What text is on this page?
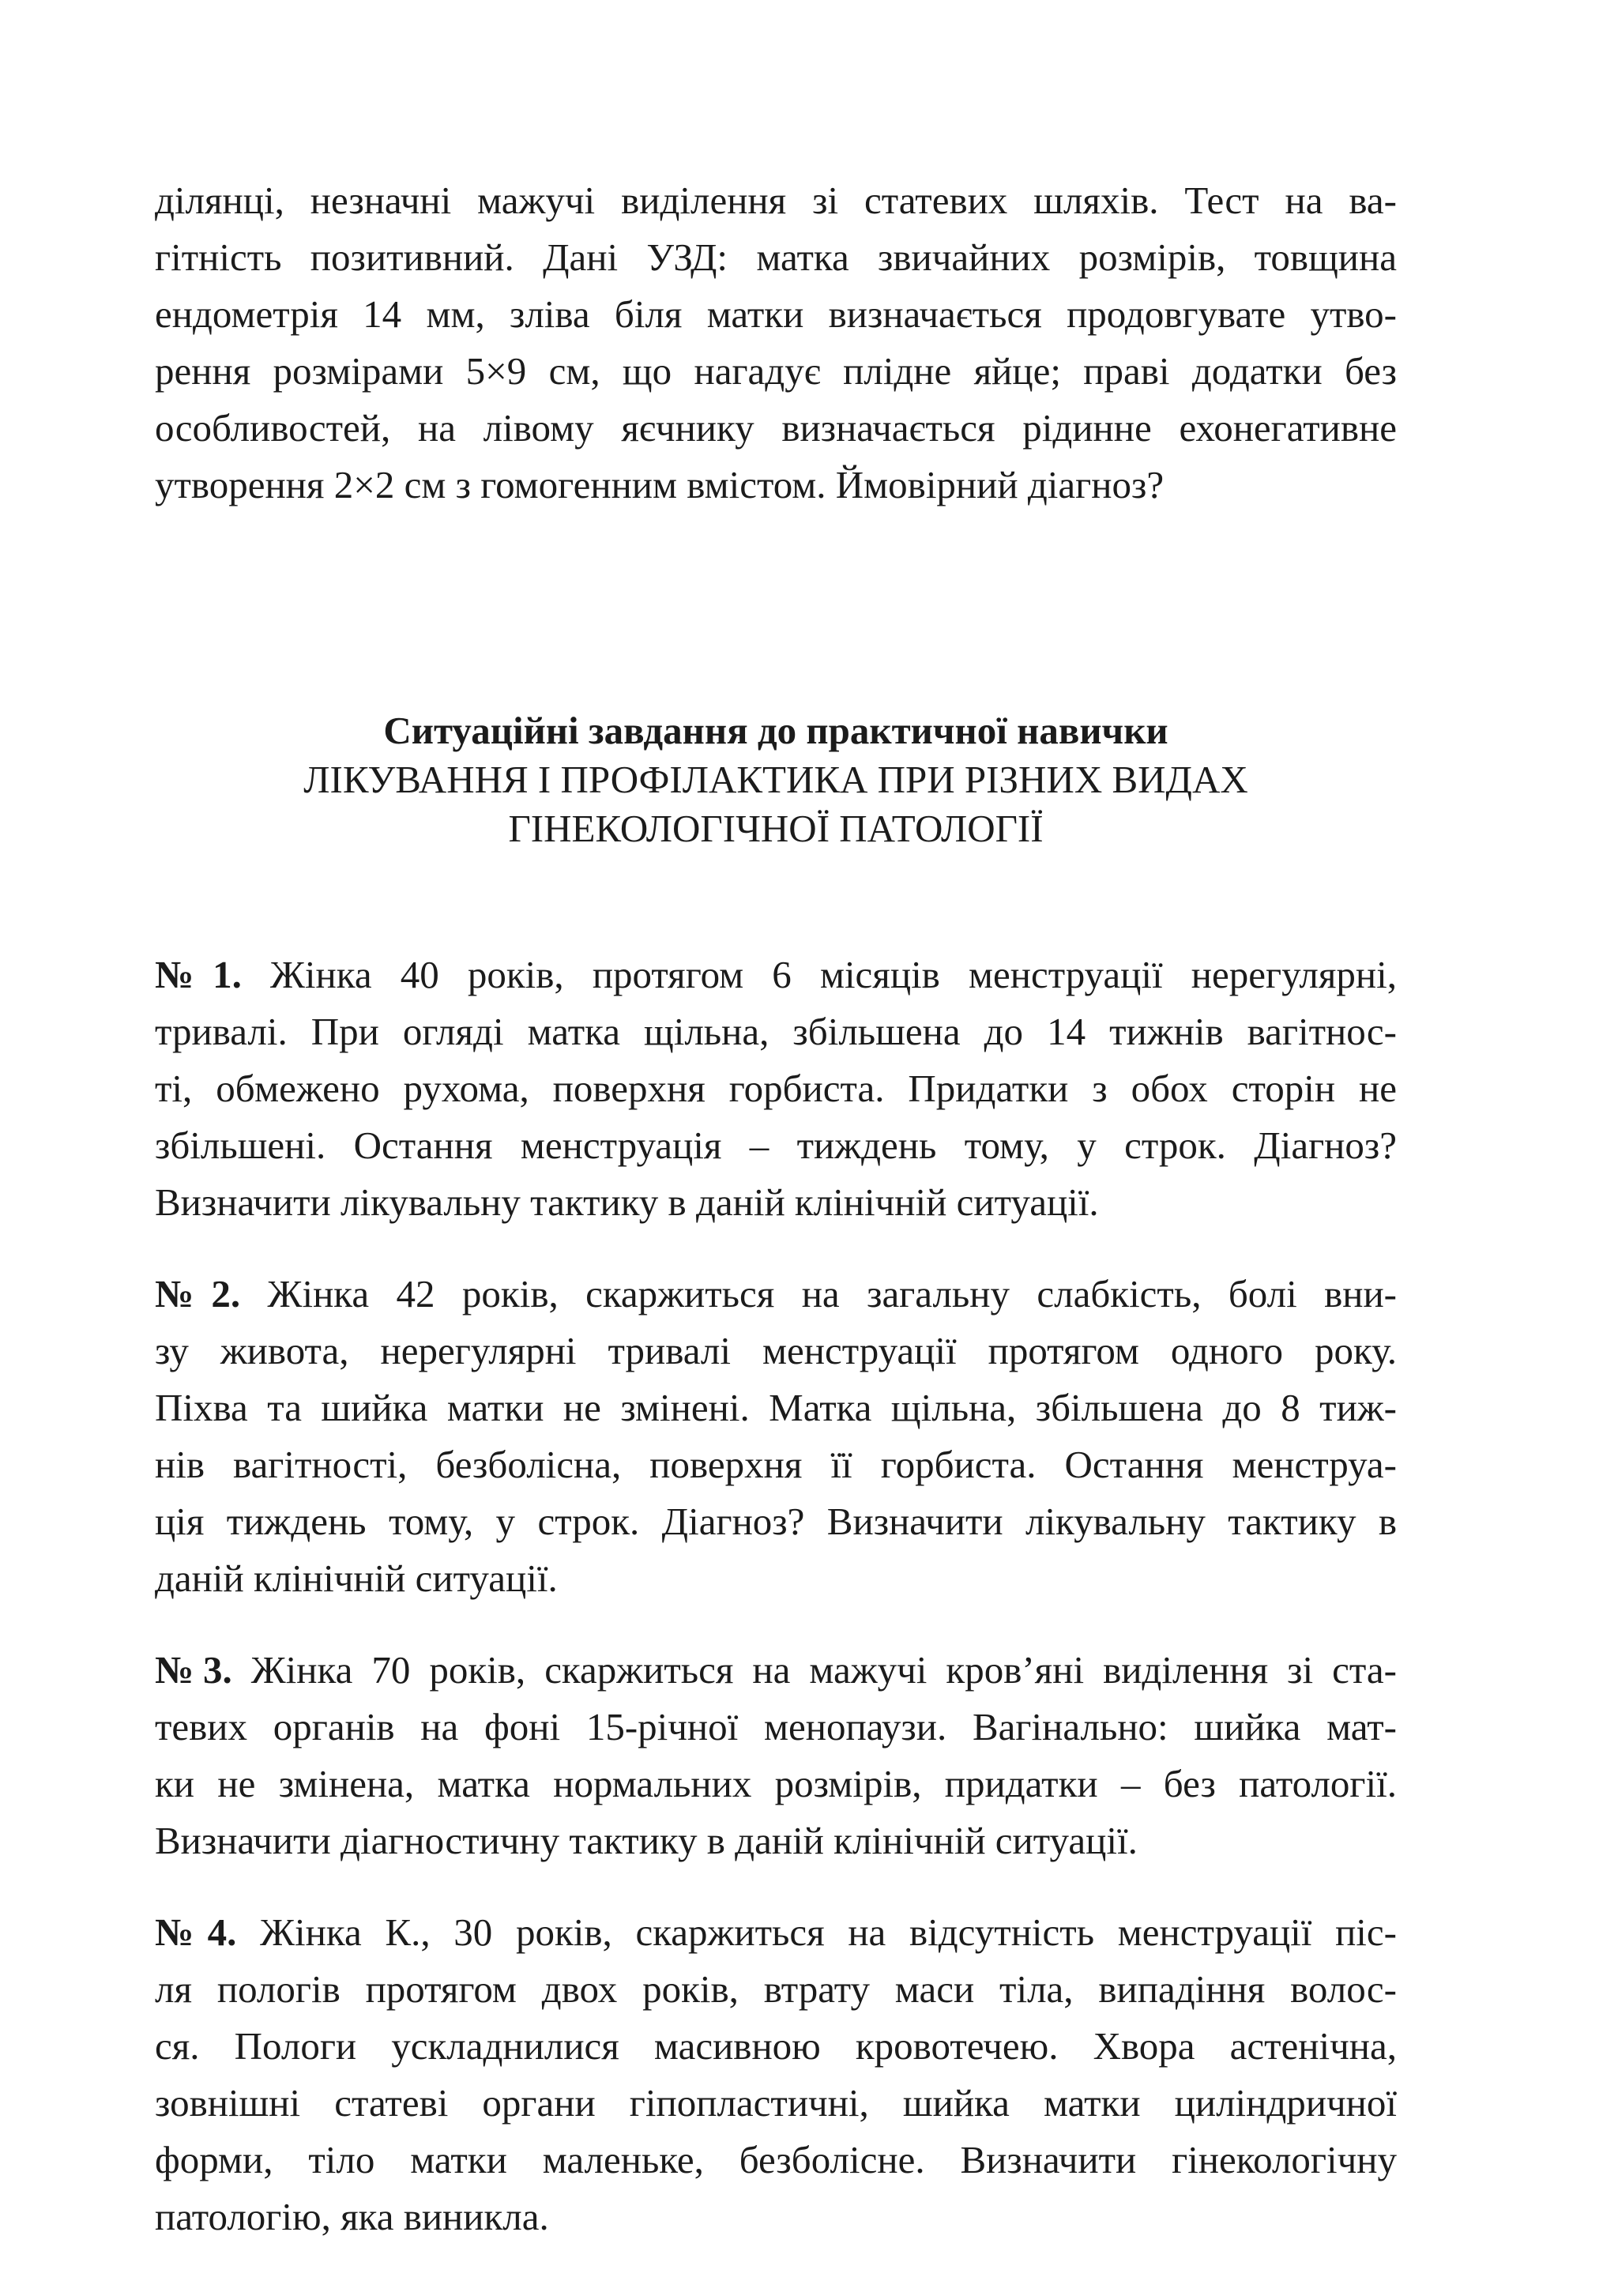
ділянці, незначні мажучі виділення зі статевих шляхів. Тест на ва-
гітність позитивний. Дані УЗД: матка звичайних розмірів, товщина
ендометрія 14 мм, зліва біля матки визначається продовгувате утво-
рення розмірами 5×9 см, що нагадує плідне яйце; праві додатки без
особливостей, на лівому яєчнику визначається рідинне ехонегативне
утворення 2×2 см з гомогенним вмістом. Ймовірний діагноз?

Ситуаційні завдання до практичної навички
ЛІКУВАННЯ І ПРОФІЛАКТИКА ПРИ РІЗНИХ ВИДАХ
ГІНЕКОЛОГІЧНОЇ ПАТОЛОГІЇ

№1. Жінка 40 років, протягом 6 місяців менструації нерегулярні,
тривалі. При огляді матка щільна, збільшена до 14 тижнів вагітнос-
ті, обмежено рухома, поверхня горбиста. Придатки з обох сторін не
збільшені. Остання менструація – тиждень тому, у строк. Діагноз?
Визначити лікувальну тактику в даній клінічній ситуації.

№2. Жінка 42 років, скаржиться на загальну слабкість, болі вни-
зу живота, нерегулярні тривалі менструації протягом одного року.
Піхва та шийка матки не змінені. Матка щільна, збільшена до 8 тиж-
нів вагітності, безболісна, поверхня її горбиста. Остання менструа-
ція тиждень тому, у строк. Діагноз? Визначити лікувальну тактику в
даній клінічній ситуації.

№3. Жінка 70 років, скаржиться на мажучі кров’яні виділення зі ста-
тевих органів на фоні 15-річної менопаузи. Вагінально: шийка мат-
ки не змінена, матка нормальних розмірів, придатки – без патології.
Визначити діагностичну тактику в даній клінічній ситуації.

№4. Жінка К., 30 років, скаржиться на відсутність менструації піс-
ля пологів протягом двох років, втрату маси тіла, випадіння волос-
ся. Пологи ускладнилися масивною кровотечею. Хвора астенічна,
зовнішні статеві органи гіпопластичні, шийка матки циліндричної
форми, тіло матки маленьке, безболісне. Визначити гінекологічну
патологію, яка виникла.
